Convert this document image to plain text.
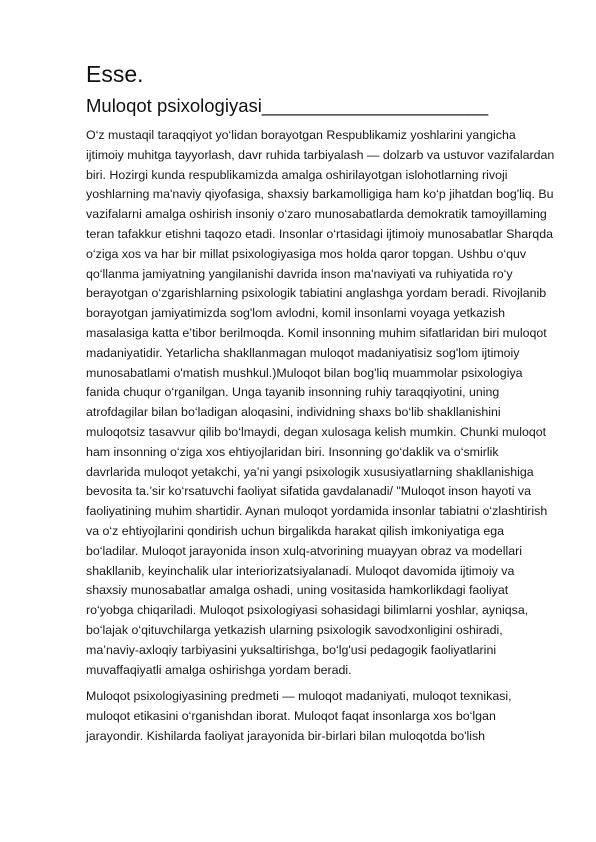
Esse.
Muloqot psixologiyasi______________________

O‘z mustaqil taraqqiyot yo‘lidan borayotgan Respublikamiz yoshlarini yangicha ijtimoiy muhitga tayyorlash, davr ruhida tarbiyalash — dolzarb va ustuvor vazifalardan biri. Hozirgi kunda respublikamizda amalga oshirilayotgan islohotlarning rivoji yoshlarning ma'naviy qiyofasiga, shaxsiy barkamolligiga ham ko‘p jihatdan bog'liq. Bu vazifalarni amalga oshirish insoniy o‘zaro munosabatlarda demokratik tamoyillaming teran tafakkur etishni taqozo etadi. Insonlar o‘rtasidagi ijtimoiy munosabatlar Sharqda o‘ziga xos va har bir millat psixologiyasiga mos holda qaror topgan. Ushbu o‘quv qo‘llanma jamiyatning yangilanishi davrida inson ma'naviyati va ruhiyatida ro‘y berayotgan o‘zgarishlarning psixologik tabiatini anglashga yordam beradi. Rivojlanib borayotgan jamiyatimizda sog'lom avlodni, komil insonlami voyaga yetkazish masalasiga katta e’tibor berilmoqda. Komil insonning muhim sifatlaridan biri muloqot madaniyatidir. Yetarlicha shakllanmagan muloqot madaniyatisiz sog'lom ijtimoiy munosabatlami o'matish mushkul.)Muloqot bilan bog'liq muammolar psixologiya fanida chuqur o‘rganilgan. Unga tayanib insonning ruhiy taraqqiyotini, uning atrofdagilar bilan bo‘ladigan aloqasini, individning shaxs bo‘lib shakllanishini muloqotsiz tasavvur qilib bo‘lmaydi, degan xulosaga kelish mumkin. Chunki muloqot ham insonning o‘ziga xos ehtiyojlaridan biri. Insonning go‘daklik va o‘smirlik davrlarida muloqot yetakchi, ya’ni yangi psixologik xususiyatlarning shakllanishiga bevosita ta.’sir ko‘rsatuvchi faoliyat sifatida gavdalanadi/ "Muloqot inson hayoti va faoliyatining muhim shartidir. Aynan muloqot yordamida insonlar tabiatni o‘zlashtirish va o‘z ehtiyojlarini qondirish uchun birgalikda harakat qilish imkoniyatiga ega bo‘ladilar. Muloqot jarayonida inson xulq-atvorining muayyan obraz va modellari shakllanib, keyinchalik ular interiorizatsiyalanadi. Muloqot davomida ijtimoiy va shaxsiy munosabatlar amalga oshadi, uning vositasida hamkorlikdagi faoliyat ro‘yobga chiqariladi. Muloqot psixologiyasi sohasidagi bilimlarni yoshlar, ayniqsa, bo‘lajak o‘qituvchilarga yetkazish ularning psixologik savodxonligini oshiradi, ma’naviy-axloqiy tarbiyasini yuksaltirishga, bo‘lg'usi pedagogik faoliyatlarini muvaffaqiyatli amalga oshirishga yordam beradi.

Muloqot psixologiyasining predmeti — muloqot madaniyati, muloqot texnikasi, muloqot etikasini o‘rganishdan iborat. Muloqot faqat insonlarga xos bo‘lgan jarayondir. Kishilarda faoliyat jarayonida bir-birlari bilan muloqotda bo'lish
